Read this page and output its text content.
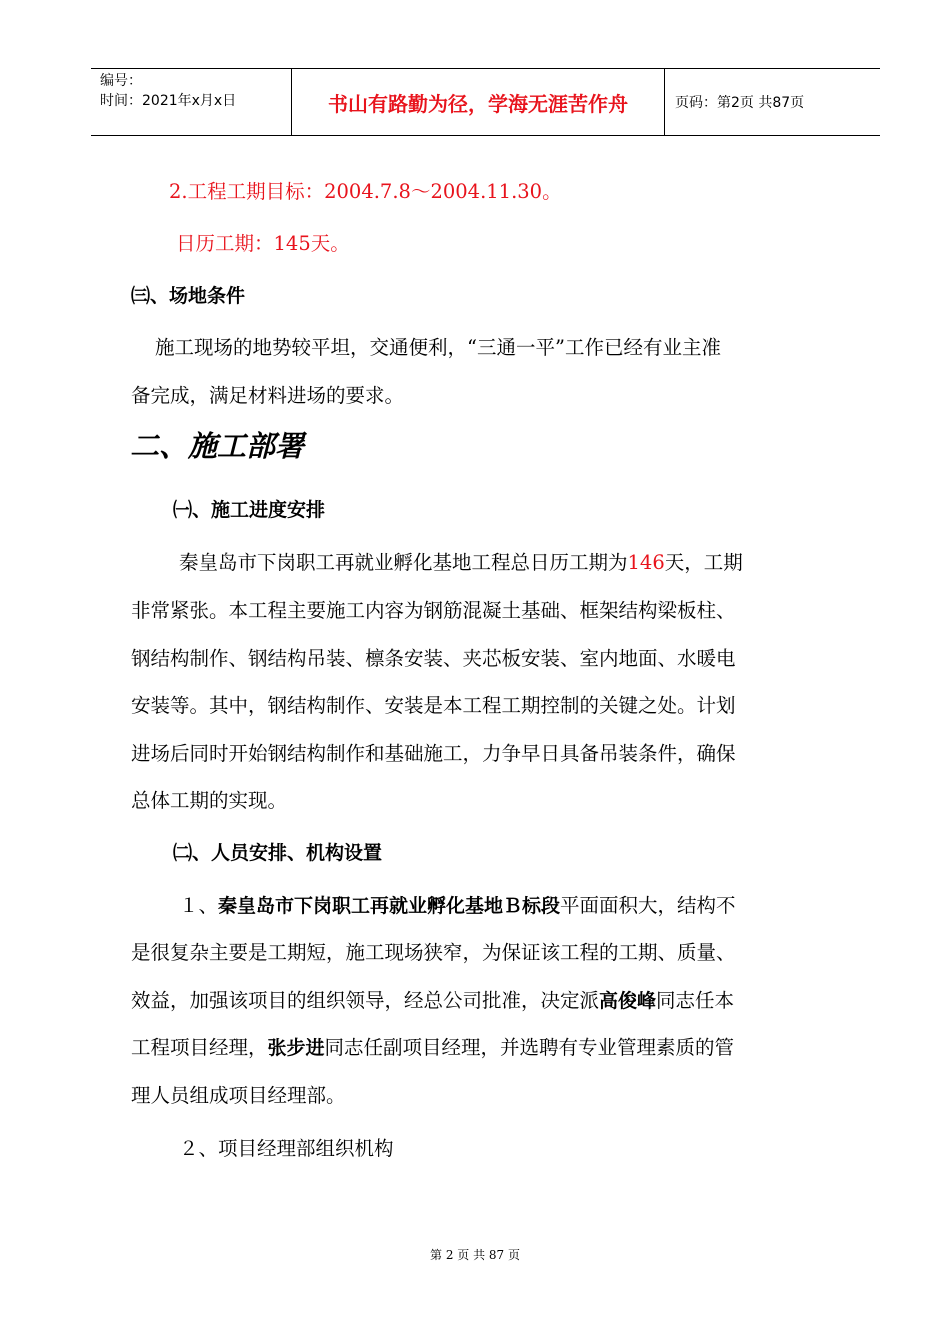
编号：
时间：2021年x月x日	书山有路勤为径，学海无涯苦作舟	页码：第2页 共87页
2.工程工期目标：2004.7.8～2004.11.30。
日历工期：145天。
㈢、场地条件
施工现场的地势较平坦，交通便利，“三通一平”工作已经有业主准
备完成，满足材料进场的要求。
二、施工部署
㈠、施工进度安排
秦皇岛市下岗职工再就业孵化基地工程总日历工期为146天，工期
非常紧张。本工程主要施工内容为钢筋混凝土基础、框架结构梁板柱、
钢结构制作、钢结构吊装、檩条安装、夹芯板安装、室内地面、水暖电
安装等。其中，钢结构制作、安装是本工程工期控制的关键之处。计划
进场后同时开始钢结构制作和基础施工，力争早日具备吊装条件，确保
总体工期的实现。
㈡、人员安排、机构设置
１、秦皇岛市下岗职工再就业孵化基地Ｂ标段平面面积大，结构不
是很复杂主要是工期短，施工现场狭窄，为保证该工程的工期、质量、
效益，加强该项目的组织领导，经总公司批准，决定派高俊峰同志任本
工程项目经理，张步进同志任副项目经理，并选聘有专业管理素质的管
理人员组成项目经理部。
２、项目经理部组织机构
第 2 页 共 87 页
